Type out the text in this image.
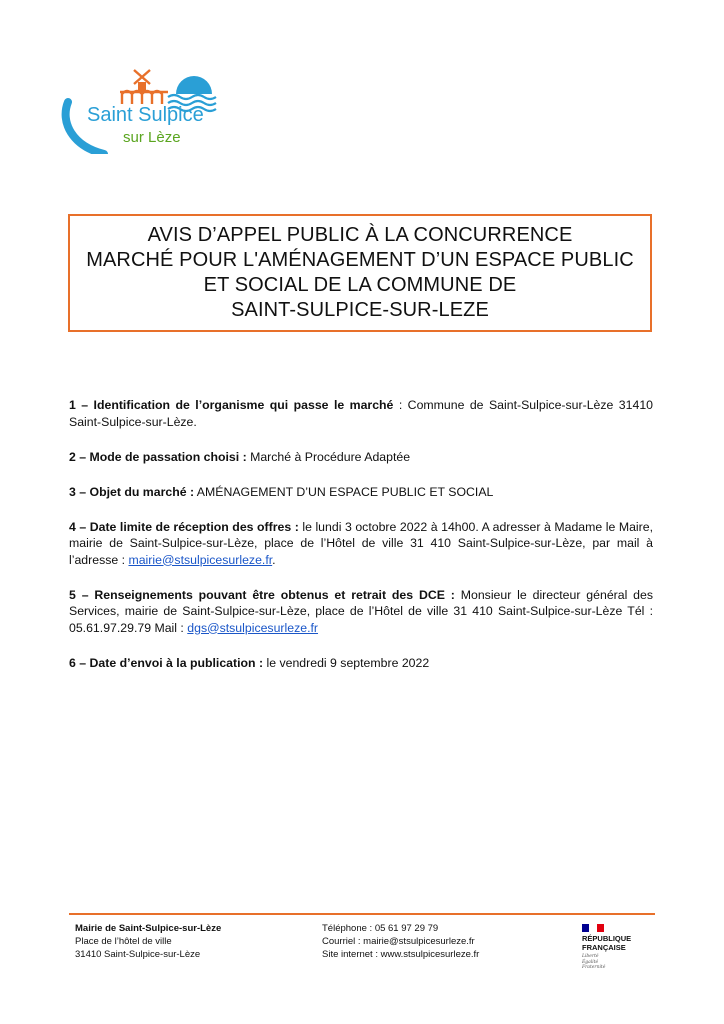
Saint Sulpice
sur Lèze
AVIS D’APPEL PUBLIC À LA CONCURRENCE
MARCHÉ POUR L'AMÉNAGEMENT D’UN ESPACE PUBLIC
ET SOCIAL DE LA COMMUNE DE
SAINT-SULPICE-SUR-LEZE

1 – Identification de l’organisme qui passe le marché : Commune de Saint-Sulpice-sur-Lèze 31410 Saint-Sulpice-sur-Lèze.

2 – Mode de passation choisi : Marché à Procédure Adaptée

3 – Objet du marché : AMÉNAGEMENT D’UN ESPACE PUBLIC ET SOCIAL

4 – Date limite de réception des offres : le lundi 3 octobre 2022 à 14h00. A adresser à Madame le Maire, mairie de Saint-Sulpice-sur-Lèze, place de l’Hôtel de ville 31 410 Saint-Sulpice-sur-Lèze, par mail à l’adresse : mairie@stsulpicesurleze.fr.

5 – Renseignements pouvant être obtenus et retrait des DCE : Monsieur le directeur général des Services, mairie de Saint-Sulpice-sur-Lèze, place de l’Hôtel de ville 31 410 Saint-Sulpice-sur-Lèze Tél : 05.61.97.29.79 Mail : dgs@stsulpicesurleze.fr

6 – Date d’envoi à la publication : le vendredi 9 septembre 2022

Mairie de Saint-Sulpice-sur-Lèze
Place de l’hôtel de ville
31410 Saint-Sulpice-sur-Lèze
Téléphone : 05 61 97 29 79
Courriel : mairie@stsulpicesurleze.fr
Site internet : www.stsulpicesurleze.fr
RÉPUBLIQUE
FRANÇAISE
Liberté
Égalité
Fraternité
